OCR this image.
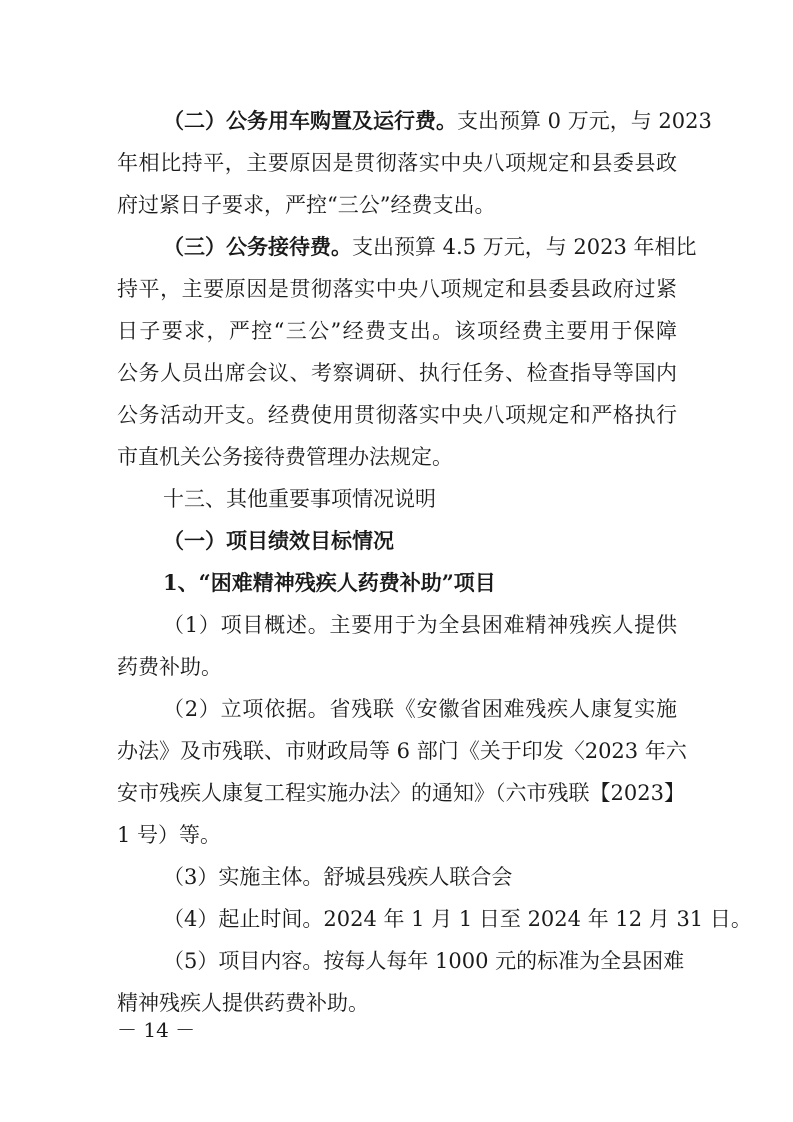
（二）公务用车购置及运行费。支出预算 0 万元，与 2023
年相比持平，主要原因是贯彻落实中央八项规定和县委县政
府过紧日子要求，严控“三公”经费支出。
（三）公务接待费。支出预算 4.5 万元，与 2023 年相比
持平，主要原因是贯彻落实中央八项规定和县委县政府过紧
日子要求，严控“三公”经费支出。该项经费主要用于保障
公务人员出席会议、考察调研、执行任务、检查指导等国内
公务活动开支。经费使用贯彻落实中央八项规定和严格执行
市直机关公务接待费管理办法规定。
十三、其他重要事项情况说明
（一）项目绩效目标情况
1、“困难精神残疾人药费补助”项目
（1）项目概述。主要用于为全县困难精神残疾人提供
药费补助。
（2）立项依据。省残联《安徽省困难残疾人康复实施
办法》及市残联、市财政局等 6 部门《关于印发〈2023 年六
安市残疾人康复工程实施办法〉的通知》（六市残联【2023】
1 号）等。
（3）实施主体。舒城县残疾人联合会
（4）起止时间。2024 年 1 月 1 日至 2024 年 12 月 31 日。
（5）项目内容。按每人每年 1000 元的标准为全县困难
精神残疾人提供药费补助。
－ 14 －
